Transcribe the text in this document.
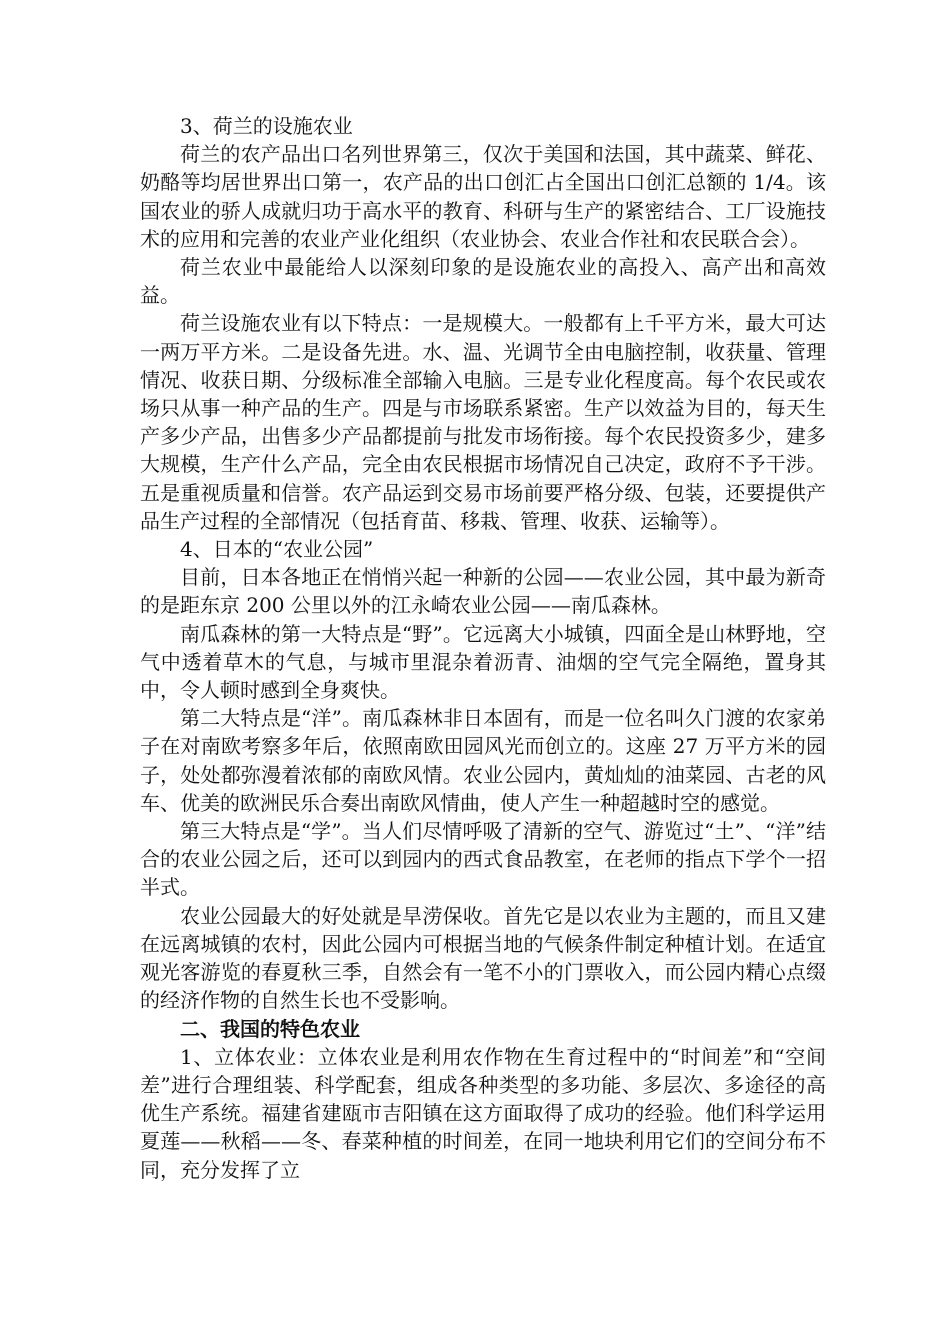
3、荷兰的设施农业

荷兰的农产品出口名列世界第三，仅次于美国和法国，其中蔬菜、鲜花、奶酪等均居世界出口第一，农产品的出口创汇占全国出口创汇总额的 1/4。该国农业的骄人成就归功于高水平的教育、科研与生产的紧密结合、工厂设施技术的应用和完善的农业产业化组织（农业协会、农业合作社和农民联合会）。

荷兰农业中最能给人以深刻印象的是设施农业的高投入、高产出和高效益。

荷兰设施农业有以下特点：一是规模大。一般都有上千平方米，最大可达一两万平方米。二是设备先进。水、温、光调节全由电脑控制，收获量、管理情况、收获日期、分级标准全部输入电脑。三是专业化程度高。每个农民或农场只从事一种产品的生产。四是与市场联系紧密。生产以效益为目的，每天生产多少产品，出售多少产品都提前与批发市场衔接。每个农民投资多少，建多大规模，生产什么产品，完全由农民根据市场情况自己决定，政府不予干涉。五是重视质量和信誉。农产品运到交易市场前要严格分级、包装，还要提供产品生产过程的全部情况（包括育苗、移栽、管理、收获、运输等）。

4、日本的“农业公园”

目前，日本各地正在悄悄兴起一种新的公园——农业公园，其中最为新奇的是距东京 200 公里以外的江永崎农业公园——南瓜森林。

南瓜森林的第一大特点是“野”。它远离大小城镇，四面全是山林野地，空气中透着草木的气息，与城市里混杂着沥青、油烟的空气完全隔绝，置身其中，令人顿时感到全身爽快。

第二大特点是“洋”。南瓜森林非日本固有，而是一位名叫久门渡的农家弟子在对南欧考察多年后，依照南欧田园风光而创立的。这座 27 万平方米的园子，处处都弥漫着浓郁的南欧风情。农业公园内，黄灿灿的油菜园、古老的风车、优美的欧洲民乐合奏出南欧风情曲，使人产生一种超越时空的感觉。

第三大特点是“学”。当人们尽情呼吸了清新的空气、游览过“土”、“洋”结合的农业公园之后，还可以到园内的西式食品教室，在老师的指点下学个一招半式。

农业公园最大的好处就是旱涝保收。首先它是以农业为主题的，而且又建在远离城镇的农村，因此公园内可根据当地的气候条件制定种植计划。在适宜观光客游览的春夏秋三季，自然会有一笔不小的门票收入，而公园内精心点缀的经济作物的自然生长也不受影响。

二、我国的特色农业

1、立体农业：立体农业是利用农作物在生育过程中的“时间差”和“空间差”进行合理组装、科学配套，组成各种类型的多功能、多层次、多途径的高优生产系统。福建省建瓯市吉阳镇在这方面取得了成功的经验。他们科学运用夏莲——秋稻——冬、春菜种植的时间差，在同一地块利用它们的空间分布不同，充分发挥了立
